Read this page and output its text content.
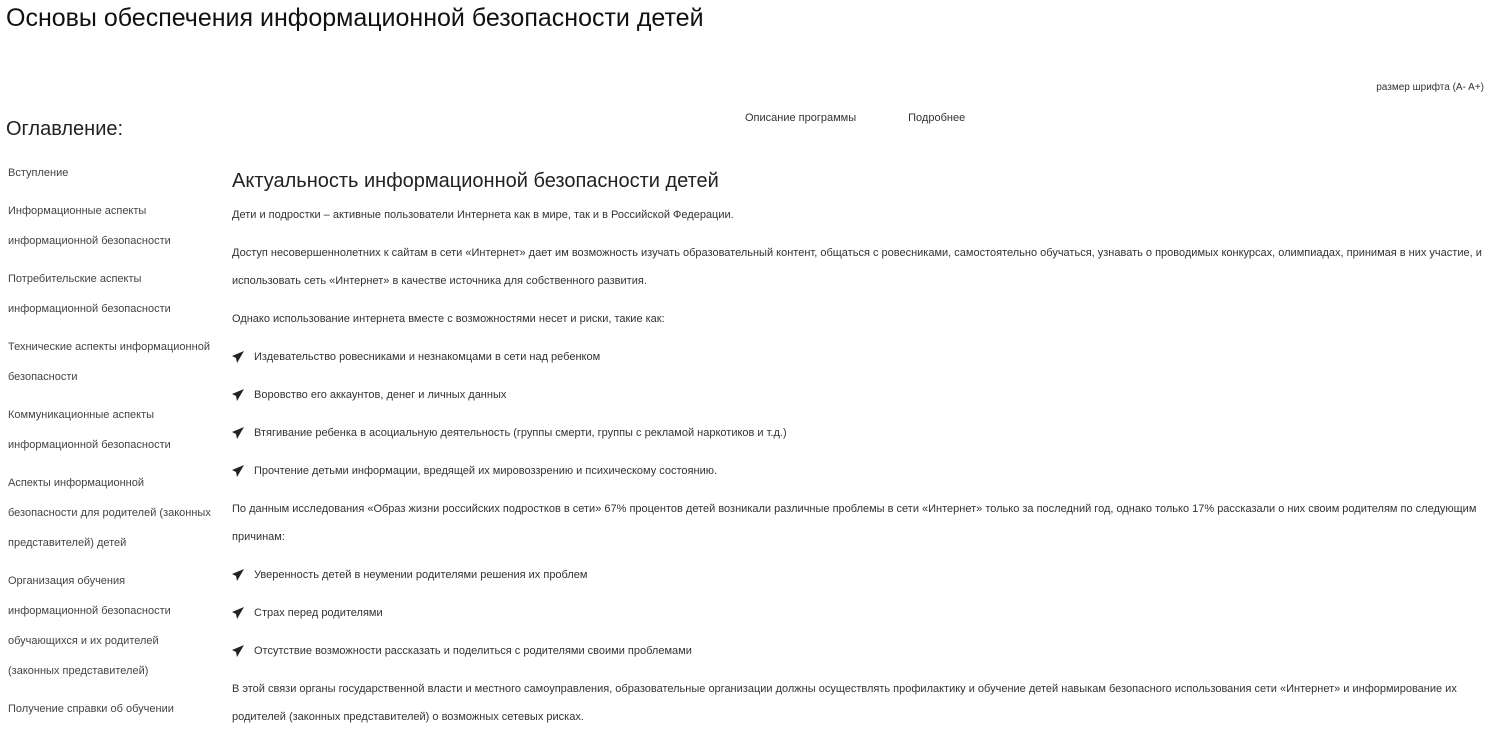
Основы обеспечения информационной безопасности детей
размер шрифта (A- A+)
Оглавление:	Описание программы	Подробнее
Вступление
Информационные аспекты информационной безопасности
Потребительские аспекты информационной безопасности
Технические аспекты информационной безопасности
Коммуникационные аспекты информационной безопасности
Аспекты информационной безопасности для родителей (законных представителей) детей
Организация обучения информационной безопасности обучающихся и их родителей (законных представителей)
Получение справки об обучении
Актуальность информационной безопасности детей

Дети и подростки – активные пользователи Интернета как в мире, так и в Российской Федерации.

Доступ несовершеннолетних к сайтам в сети «Интернет» дает им возможность изучать образовательный контент, общаться с ровесниками, самостоятельно обучаться, узнавать о проводимых конкурсах, олимпиадах, принимая в них участие, и использовать сеть «Интернет» в качестве источника для собственного развития.

Однако использование интернета вместе с возможностями несет и риски, такие как:

Издевательство ровесниками и незнакомцами в сети над ребенком
Воровство его аккаунтов, денег и личных данных
Втягивание ребенка в асоциальную деятельность (группы смерти, группы с рекламой наркотиков и т.д.)
Прочтение детьми информации, вредящей их мировоззрению и психическому состоянию.

По данным исследования «Образ жизни российских подростков в сети» 67% процентов детей возникали различные проблемы в сети «Интернет» только за последний год, однако только 17% рассказали о них своим родителям по следующим причинам:

Уверенность детей в неумении родителями решения их проблем
Страх перед родителями
Отсутствие возможности рассказать и поделиться с родителями своими проблемами

В этой связи органы государственной власти и местного самоуправления, образовательные организации должны осуществлять профилактику и обучение детей навыкам безопасного использования сети «Интернет» и информирование их родителей (законных представителей) о возможных сетевых рисках.
